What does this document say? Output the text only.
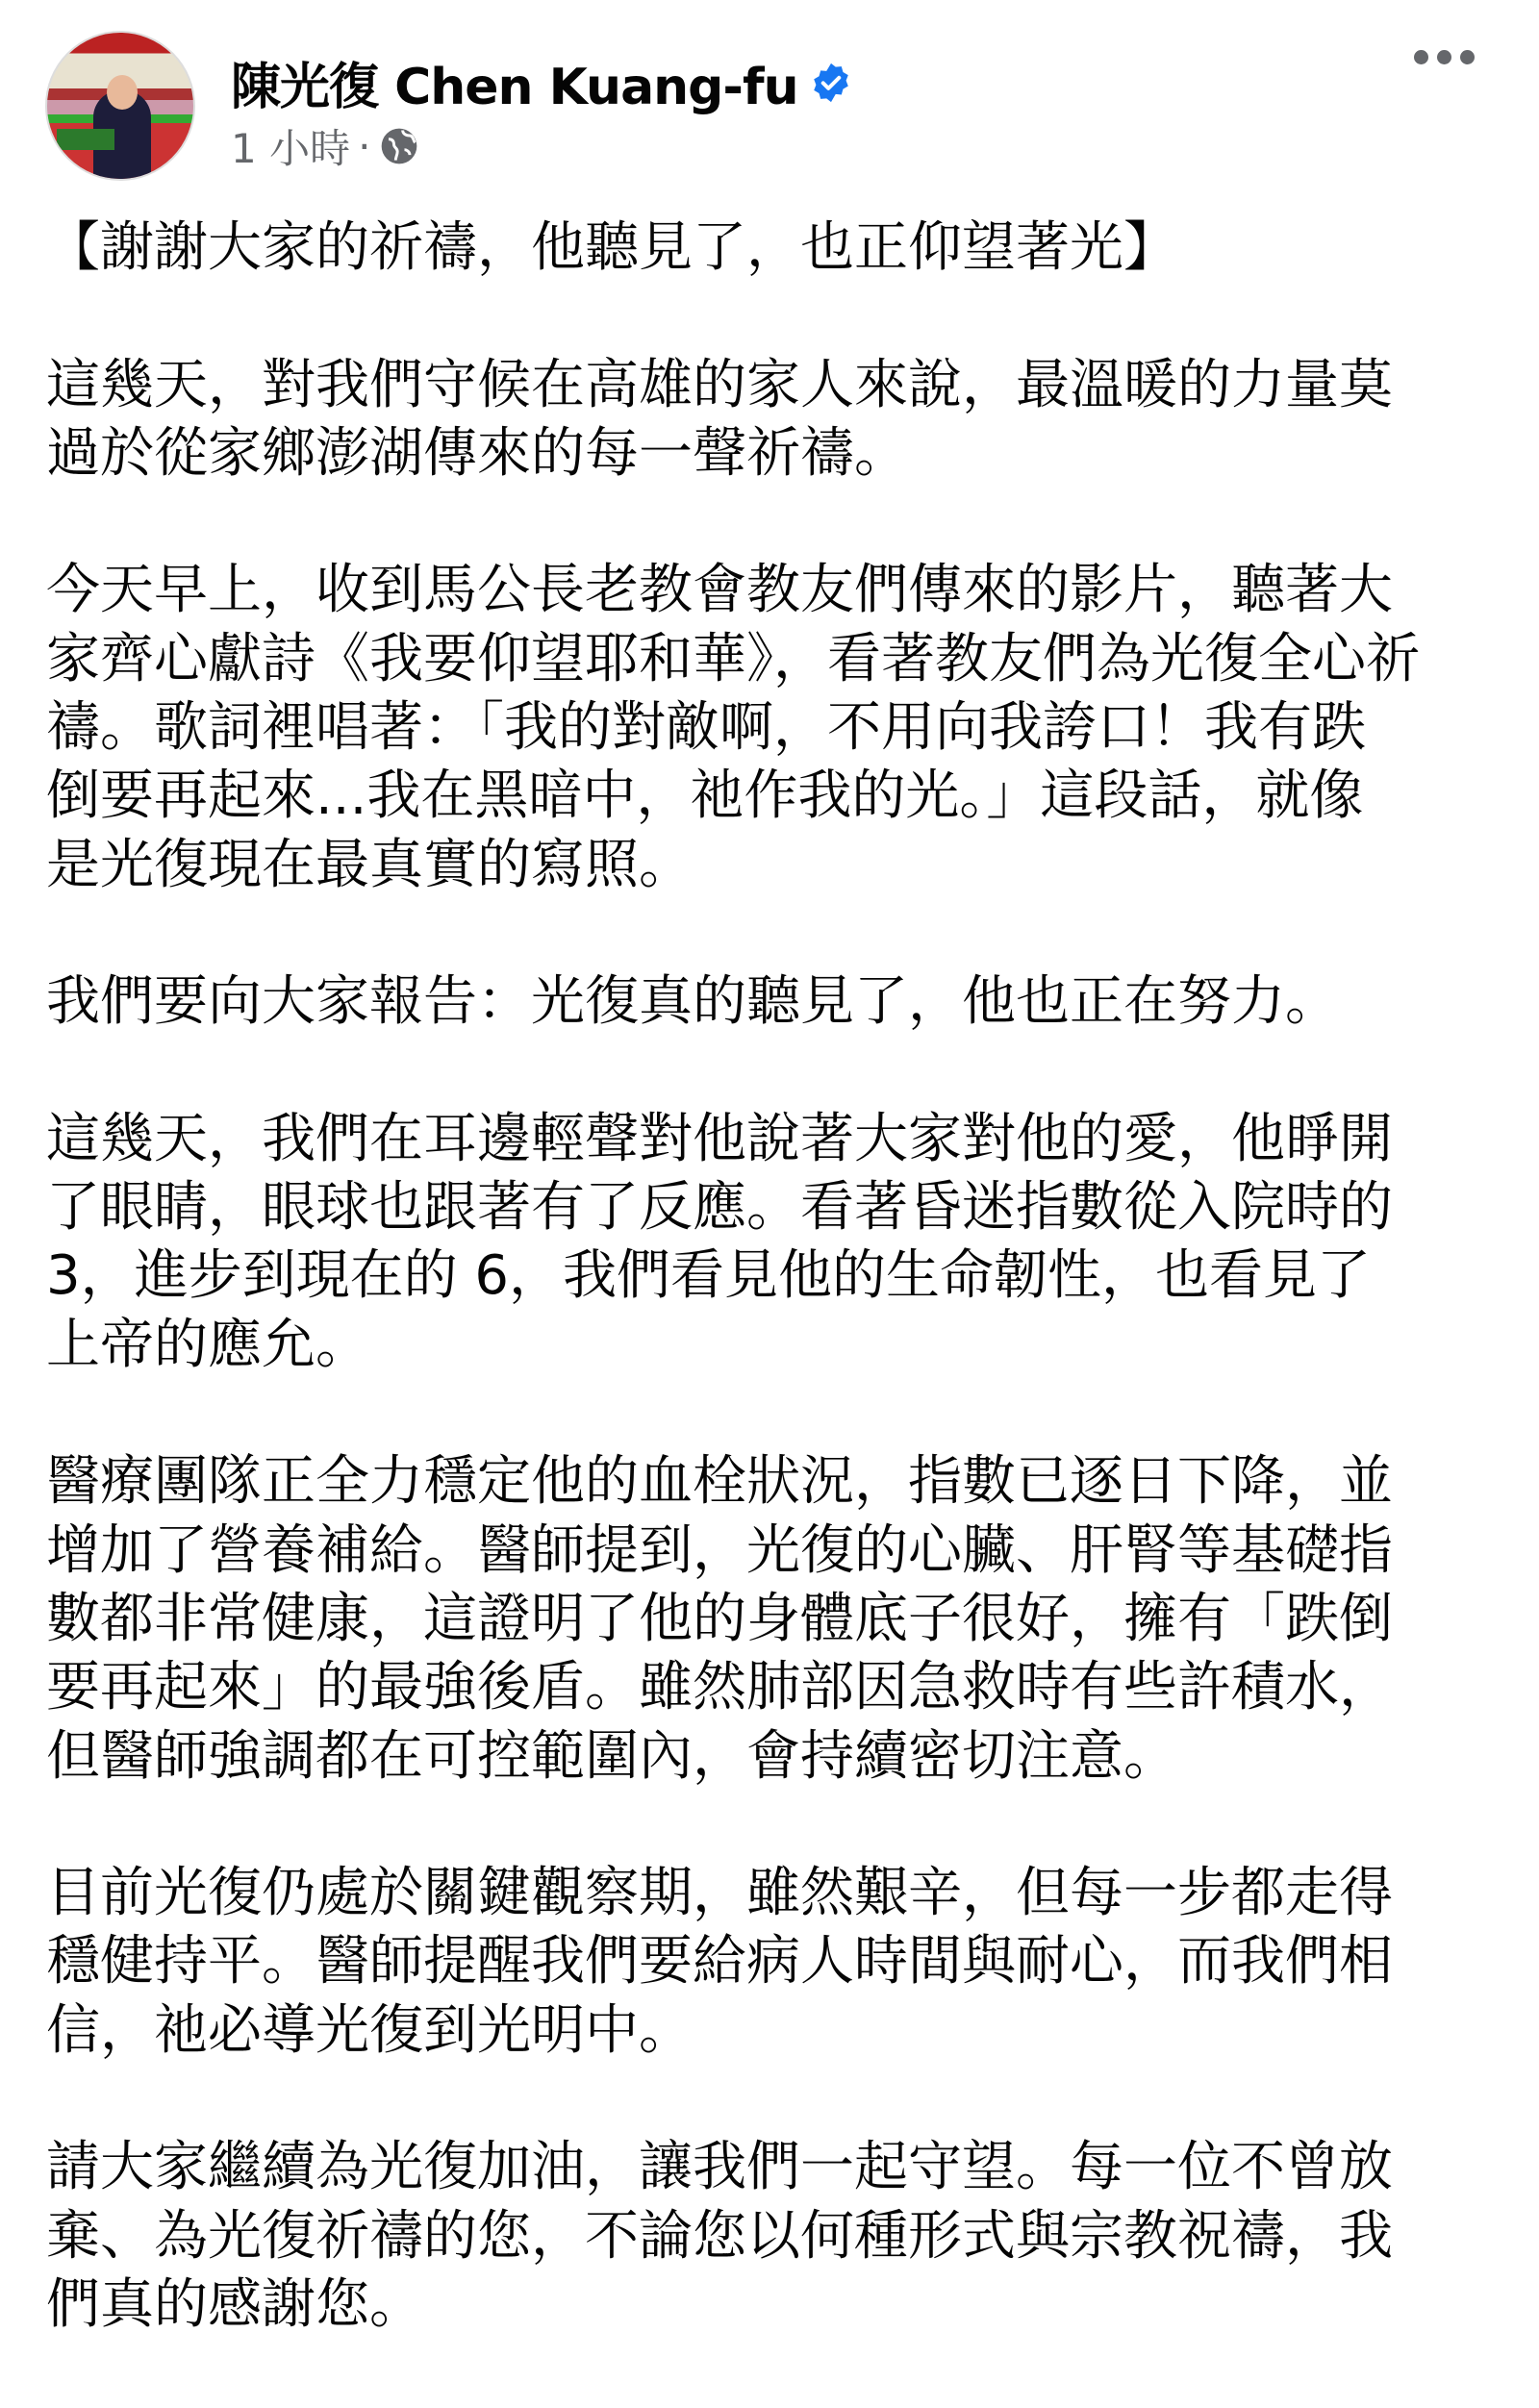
陳光復 Chen Kuang-fu
1 小時 ·
【謝謝大家的祈禱，他聽見了，也正仰望著光】
這幾天，對我們守候在高雄的家人來說，最溫暖的力量莫
過於從家鄉澎湖傳來的每一聲祈禱。
今天早上，收到馬公長老教會教友們傳來的影片，聽著大
家齊心獻詩《我要仰望耶和華》，看著教友們為光復全心祈
禱。歌詞裡唱著：「我的對敵啊，不用向我誇口！我有跌
倒要再起來...我在黑暗中，祂作我的光。」這段話，就像
是光復現在最真實的寫照。
我們要向大家報告：光復真的聽見了，他也正在努力。
這幾天，我們在耳邊輕聲對他說著大家對他的愛，他睜開
了眼睛，眼球也跟著有了反應。看著昏迷指數從入院時的
3，進步到現在的 6，我們看見他的生命韌性，也看見了
上帝的應允。
醫療團隊正全力穩定他的血栓狀況，指數已逐日下降，並
增加了營養補給。醫師提到，光復的心臟、肝腎等基礎指
數都非常健康，這證明了他的身體底子很好，擁有「跌倒
要再起來」的最強後盾。雖然肺部因急救時有些許積水，
但醫師強調都在可控範圍內，會持續密切注意。
目前光復仍處於關鍵觀察期，雖然艱辛，但每一步都走得
穩健持平。醫師提醒我們要給病人時間與耐心，而我們相
信，祂必導光復到光明中。
請大家繼續為光復加油，讓我們一起守望。每一位不曾放
棄、為光復祈禱的您，不論您以何種形式與宗教祝禱，我
們真的感謝您。
